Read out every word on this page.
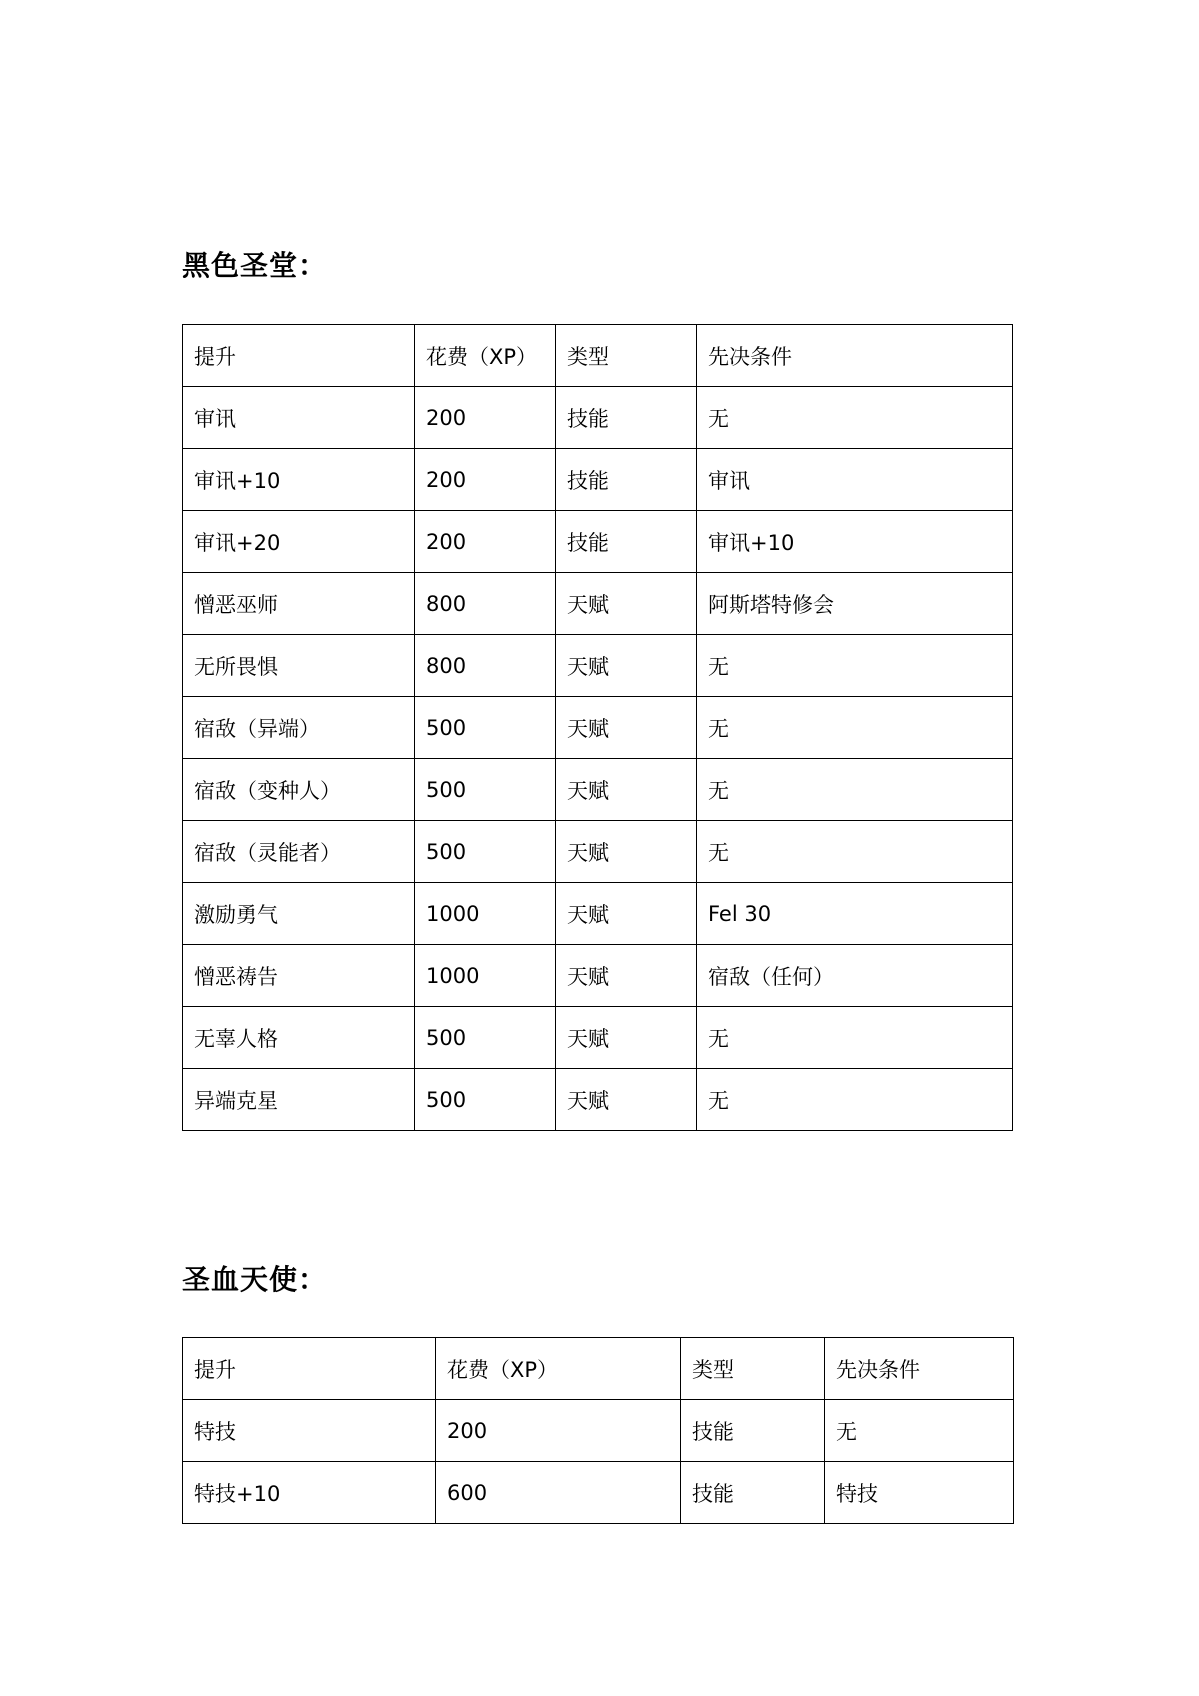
黑色圣堂：
提升	花费（XP）	类型	先决条件
审讯	200	技能	无
审讯+10	200	技能	审讯
审讯+20	200	技能	审讯+10
憎恶巫师	800	天赋	阿斯塔特修会
无所畏惧	800	天赋	无
宿敌（异端）	500	天赋	无
宿敌（变种人）	500	天赋	无
宿敌（灵能者）	500	天赋	无
激励勇气	1000	天赋	Fel 30
憎恶祷告	1000	天赋	宿敌（任何）
无辜人格	500	天赋	无
异端克星	500	天赋	无
圣血天使：
提升	花费（XP）	类型	先决条件
特技	200	技能	无
特技+10	600	技能	特技
